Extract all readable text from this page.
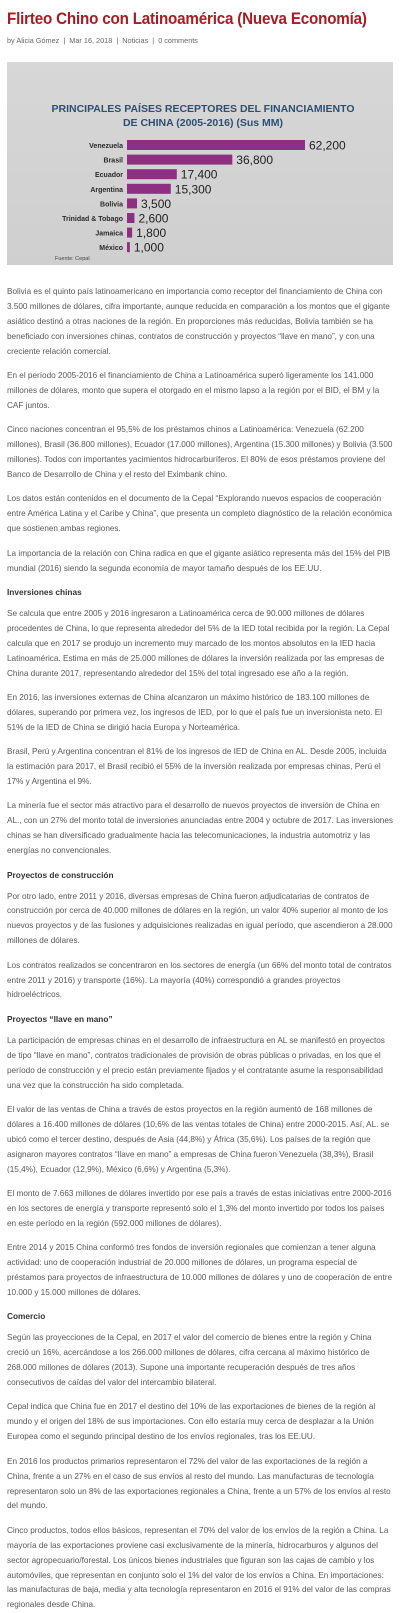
Flirteo Chino con Latinoamérica (Nueva Economía)
by Alicia Gómez | Mar 16, 2018 | Noticias | 0 comments
PRINCIPALES PAÍSES RECEPTORES DEL FINANCIAMIENTO
DE CHINA (2005-2016) (Sus MM)
Venezuela	62,200
Brasil	36,800
Ecuador	17,400
Argentina	15,300
Bolivia 3,500
Trinidad & Tobago 2,600
Jamaica 1,800
México 1,000
Fuente: Cepal

Bolivia es el quinto país latinoamericano en importancia como receptor del financiamiento de China con 3.500 millones de dólares, cifra importante, aunque reducida en comparación a los montos que el gigante asiático destinó a otras naciones de la región. En proporciones más reducidas, Bolivia también se ha beneficiado con inversiones chinas, contratos de construcción y proyectos “llave en mano”, y con una creciente relación comercial.

En el período 2005-2016 el financiamiento de China a Latinoamérica superó ligeramente los 141.000 millones de dólares, monto que supera el otorgado en el mismo lapso a la región por el BID, el BM y la CAF juntos.

Cinco naciones concentran el 95,5% de los préstamos chinos a Latinoamérica: Venezuela (62.200 millones), Brasil (36.800 millones), Ecuador (17.000 millones), Argentina (15.300 millones) y Bolivia (3.500 millones). Todos con importantes yacimientos hidrocarburíferos. El 80% de esos préstamos proviene del Banco de Desarrollo de China y el resto del Eximbank chino.

Los datos están contenidos en el documento de la Cepal “Explorando nuevos espacios de cooperación entre América Latina y el Caribe y China”, que presenta un completo diagnóstico de la relación económica que sostienen ambas regiones.

La importancia de la relación con China radica en que el gigante asiático representa más del 15% del PIB mundial (2016) siendo la segunda economía de mayor tamaño después de los EE.UU.

Inversiones chinas

Se calcula que entre 2005 y 2016 ingresaron a Latinoamérica cerca de 90.000 millones de dólares procedentes de China, lo que representa alrededor del 5% de la IED total recibida por la región. La Cepal calcula que en 2017 se produjo un incremento muy marcado de los montos absolutos en la IED hacia Latinoamérica. Estima en más de 25.000 millones de dólares la inversión realizada por las empresas de China durante 2017, representando alrededor del 15% del total ingresado ese año a la región.

En 2016, las inversiones externas de China alcanzaron un máximo histórico de 183.100 millones de dólares, superando por primera vez, los ingresos de IED, por lo que el país fue un inversionista neto. El 51% de la IED de China se dirigió hacia Europa y Norteamérica.

Brasil, Perú y Argentina concentran el 81% de los ingresos de IED de China en AL. Desde 2005, incluida la estimación para 2017, el Brasil recibió el 55% de la inversión realizada por empresas chinas, Perú el 17% y Argentina el 9%.

La minería fue el sector más atractivo para el desarrollo de nuevos proyectos de inversión de China en AL., con un 27% del monto total de inversiones anunciadas entre 2004 y octubre de 2017. Las inversiones chinas se han diversificado gradualmente hacia las telecomunicaciones, la industria automotriz y las energías no convencionales.

Proyectos de construcción

Por otro lado, entre 2011 y 2016, diversas empresas de China fueron adjudicatarias de contratos de construcción por cerca de 40.000 millones de dólares en la región, un valor 40% superior al monto de los nuevos proyectos y de las fusiones y adquisiciones realizadas en igual período, que ascendieron a 28.000 millones de dólares.

Los contratos realizados se concentraron en los sectores de energía (un 66% del monto total de contratos entre 2011 y 2016) y transporte (16%). La mayoría (40%) correspondió a grandes proyectos hidroeléctricos.

Proyectos “llave en mano”

La participación de empresas chinas en el desarrollo de infraestructura en AL se manifestó en proyectos de tipo “llave en mano”, contratos tradicionales de provisión de obras públicas o privadas, en los que el período de construcción y el precio están previamente fijados y el contratante asume la responsabilidad una vez que la construcción ha sido completada.

El valor de las ventas de China a través de estos proyectos en la región aumentó de 168 millones de dólares a 16.400 millones de dólares (10,6% de las ventas totales de China) entre 2000-2015. Así, AL. se ubicó como el tercer destino, después de Asia (44,8%) y África (35,6%). Los países de la región que asignaron mayores contratos “llave en mano” a empresas de China fueron Venezuela (38,3%), Brasil (15,4%), Ecuador (12,9%), México (6,6%) y Argentina (5,3%).

El monto de 7.663 millones de dólares invertido por ese país a través de estas iniciativas entre 2000-2016 en los sectores de energía y transporte representó solo el 1,3% del monto invertido por todos los países en este período en la región (592.000 millones de dólares).

Entre 2014 y 2015 China conformó tres fondos de inversión regionales que comienzan a tener alguna actividad: uno de cooperación industrial de 20.000 millones de dólares, un programa especial de préstamos para proyectos de infraestructura de 10.000 millones de dólares y uno de cooperación de entre 10.000 y 15.000 millones de dólares.

Comercio

Según las proyecciones de la Cepal, en 2017 el valor del comercio de bienes entre la región y China creció un 16%, acercándose a los 266.000 millones de dólares, cifra cercana al máximo histórico de 268.000 millones de dólares (2013). Supone una importante recuperación después de tres años consecutivos de caídas del valor del intercambio bilateral.

Cepal indica que China fue en 2017 el destino del 10% de las exportaciones de bienes de la región al mundo y el origen del 18% de sus importaciones. Con ello estaría muy cerca de desplazar a la Unión Europea como el segundo principal destino de los envíos regionales, tras los EE.UU.

En 2016 los productos primarios representaron el 72% del valor de las exportaciones de la región a China, frente a un 27% en el caso de sus envíos al resto del mundo. Las manufacturas de tecnología representaron solo un 8% de las exportaciones regionales a China, frente a un 57% de los envíos al resto del mundo.

Cinco productos, todos ellos básicos, representan el 70% del valor de los envíos de la región a China. La mayoría de las exportaciones proviene casi exclusivamente de la minería, hidrocarburos y algunos del sector agropecuario/forestal. Los únicos bienes industriales que figuran son las cajas de cambio y los automóviles, que representan en conjunto solo el 1% del valor de los envíos a China. En importaciones: las manufacturas de baja, media y alta tecnología representaron en 2016 el 91% del valor de las compras regionales desde China.
